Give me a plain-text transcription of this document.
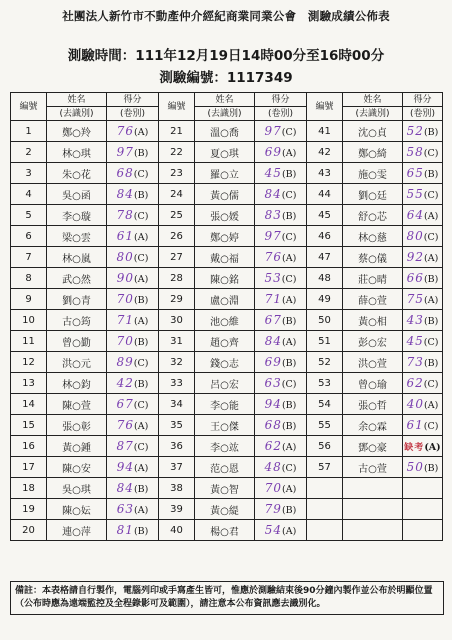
社團法人新竹市不動產仲介經紀商業同業公會　測驗成績公佈表
測驗時間：111年12月19日14時00分至16時00分
測驗編號：1117349
編號	姓名	得分	編號	姓名	得分	編號	姓名	得分
	(去識別)	(卷別)		(去識別)	(卷別)		(去識別)	(卷別)
1	鄭○羚	76(A)	21	溫○喬	97(C)	41	沈○貞	52(B)
2	林○琪	97(B)	22	夏○琪	69(A)	42	鄭○綺	58(C)
3	朱○花	68(C)	23	羅○立	45(B)	43	施○雯	65(B)
4	吳○函	84(B)	24	黃○儒	84(C)	44	劉○廷	55(C)
5	李○璇	78(C)	25	張○媛	83(B)	45	舒○芯	64(A)
6	梁○雲	61(A)	26	鄭○婷	97(C)	46	林○慈	80(C)
7	林○嵐	80(C)	27	戴○福	76(A)	47	蔡○儀	92(A)
8	武○然	90(A)	28	陳○銘	53(C)	48	莊○晴	66(B)
9	劉○青	70(B)	29	盧○淵	71(A)	49	薛○萱	75(A)
10	古○筠	71(A)	30	池○維	67(B)	50	黃○相	43(B)
11	曾○勤	70(B)	31	趙○齊	84(A)	51	彭○宏	45(C)
12	洪○元	89(C)	32	錢○志	69(B)	52	洪○萱	73(B)
13	林○鈞	42(B)	33	呂○宏	63(C)	53	曾○瑜	62(C)
14	陳○萱	67(C)	34	李○能	94(B)	54	張○哲	40(A)
15	張○彰	76(A)	35	王○傑	68(B)	55	余○霖	61(C)
16	黃○鍾	87(C)	36	李○竑	62(A)	56	鄧○豪	缺考(A)
17	陳○安	94(A)	37	范○恩	48(C)	57	古○萱	50(B)
18	吳○琪	84(B)	38	黃○智	70(A)			
19	陳○妘	63(A)	39	黃○緹	79(B)			
20	連○萍	81(B)	40	楊○君	54(A)			
備註：本表格請自行製作，電腦列印或手寫產生皆可，惟應於測驗結束後90分鐘內製作並公布於明顯位置（公布時應為遠端監控及全程錄影可及範圍），請注意本公布資訊應去識別化。
